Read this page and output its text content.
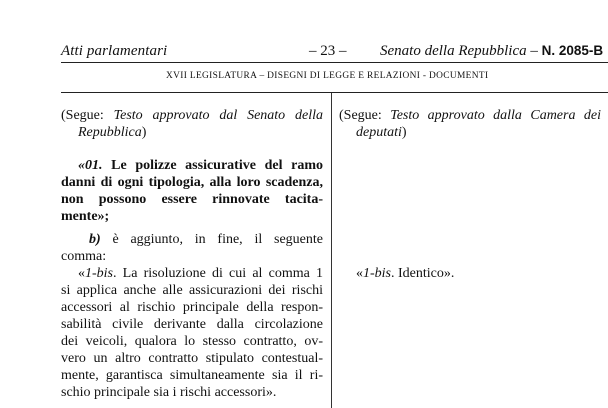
Atti parlamentari	– 23 – Senato della Repubblica – N. 2085-B
XVII LEGISLATURA – DISEGNI DI LEGGE E RELAZIONI - DOCUMENTI
(Segue: Testo approvato dal Senato della
Repubblica)
«01. Le polizze assicurative del ramo
danni di ogni tipologia, alla loro scadenza,
non possono essere rinnovate tacita-
mente»;
b) è aggiunto, in fine, il seguente
comma:
«1-bis. La risoluzione di cui al comma 1
si applica anche alle assicurazioni dei rischi
accessori al rischio principale della respon-
sabilità civile derivante dalla circolazione
dei veicoli, qualora lo stesso contratto, ov-
vero un altro contratto stipulato contestual-
mente, garantisca simultaneamente sia il ri-
schio principale sia i rischi accessori».
(Segue: Testo approvato dalla Camera dei
deputati)
«1-bis. Identico».
